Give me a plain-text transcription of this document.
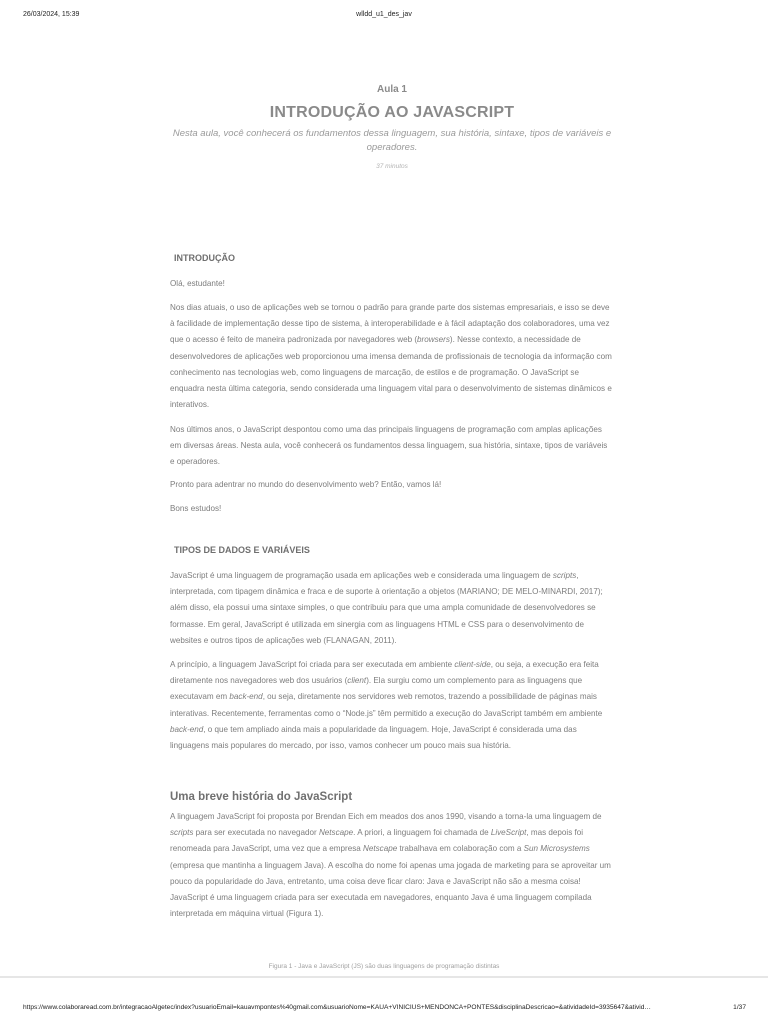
26/03/2024, 15:39	wlldd_u1_des_jav

Aula 1

INTRODUÇÃO AO JAVASCRIPT

Nesta aula, você conhecerá os fundamentos dessa linguagem, sua história, sintaxe, tipos de variáveis e operadores.

37 minutos

INTRODUÇÃO

Olá, estudante!

Nos dias atuais, o uso de aplicações web se tornou o padrão para grande parte dos sistemas empresariais, e isso se deve à facilidade de implementação desse tipo de sistema, à interoperabilidade e à fácil adaptação dos colaboradores, uma vez que o acesso é feito de maneira padronizada por navegadores web (browsers). Nesse contexto, a necessidade de desenvolvedores de aplicações web proporcionou uma imensa demanda de profissionais de tecnologia da informação com conhecimento nas tecnologias web, como linguagens de marcação, de estilos e de programação. O JavaScript se enquadra nesta última categoria, sendo considerada uma linguagem vital para o desenvolvimento de sistemas dinâmicos e interativos.

Nos últimos anos, o JavaScript despontou como uma das principais linguagens de programação com amplas aplicações em diversas áreas. Nesta aula, você conhecerá os fundamentos dessa linguagem, sua história, sintaxe, tipos de variáveis e operadores.

Pronto para adentrar no mundo do desenvolvimento web? Então, vamos lá!

Bons estudos!

TIPOS DE DADOS E VARIÁVEIS

JavaScript é uma linguagem de programação usada em aplicações web e considerada uma linguagem de scripts, interpretada, com tipagem dinâmica e fraca e de suporte à orientação a objetos (MARIANO; DE MELO-MINARDI, 2017); além disso, ela possui uma sintaxe simples, o que contribuiu para que uma ampla comunidade de desenvolvedores se formasse. Em geral, JavaScript é utilizada em sinergia com as linguagens HTML e CSS para o desenvolvimento de websites e outros tipos de aplicações web (FLANAGAN, 2011).

A princípio, a linguagem JavaScript foi criada para ser executada em ambiente client-side, ou seja, a execução era feita diretamente nos navegadores web dos usuários (client). Ela surgiu como um complemento para as linguagens que executavam em back-end, ou seja, diretamente nos servidores web remotos, trazendo a possibilidade de páginas mais interativas. Recentemente, ferramentas como o “Node.js” têm permitido a execução do JavaScript também em ambiente back-end, o que tem ampliado ainda mais a popularidade da linguagem. Hoje, JavaScript é considerada uma das linguagens mais populares do mercado, por isso, vamos conhecer um pouco mais sua história.

Uma breve história do JavaScript

A linguagem JavaScript foi proposta por Brendan Eich em meados dos anos 1990, visando a torna-la uma linguagem de scripts para ser executada no navegador Netscape. A priori, a linguagem foi chamada de LiveScript, mas depois foi renomeada para JavaScript, uma vez que a empresa Netscape trabalhava em colaboração com a Sun Microsystems (empresa que mantinha a linguagem Java). A escolha do nome foi apenas uma jogada de marketing para se aproveitar um pouco da popularidade do Java, entretanto, uma coisa deve ficar claro: Java e JavaScript não são a mesma coisa! JavaScript é uma linguagem criada para ser executada em navegadores, enquanto Java é uma linguagem compilada interpretada em máquina virtual (Figura 1).

Figura 1 - Java e JavaScript (JS) são duas linguagens de programação distintas
https://www.colaboraread.com.br/integracaoAlgetec/index?usuarioEmail=kauavmpontes%40gmail.com&usuarioNome=KAUA+VINICIUS+MENDONCA+PONTES&disciplinaDescricao=&atividadeId=3935647&ativid…	1/37
